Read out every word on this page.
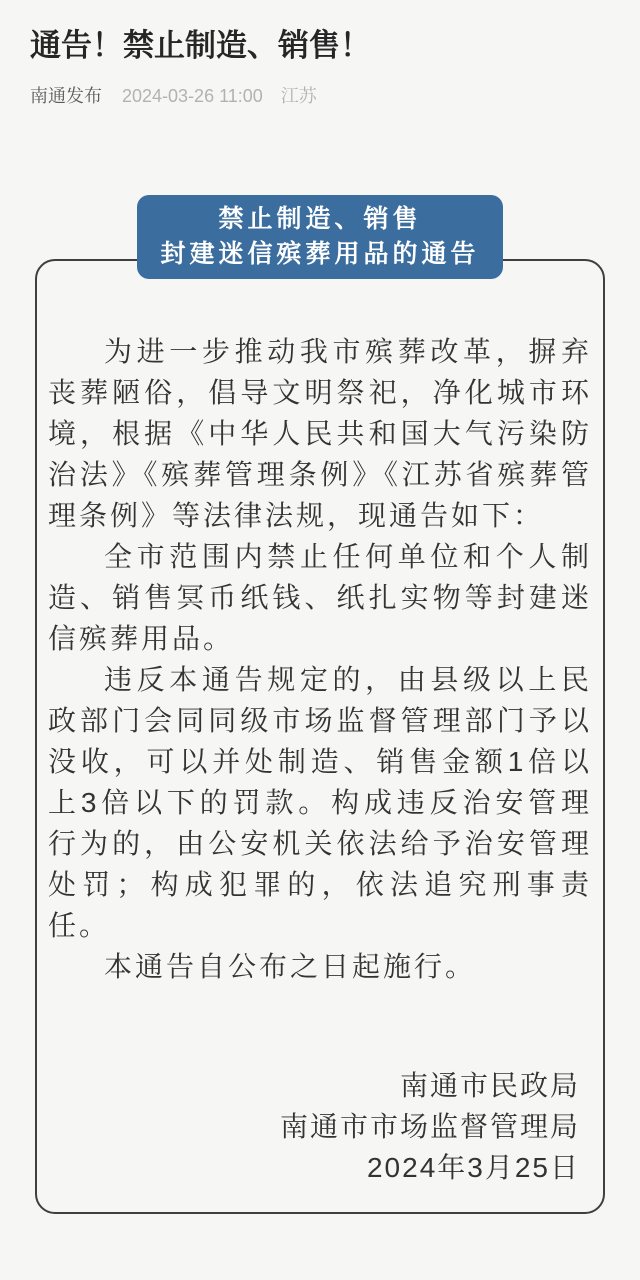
通告！禁止制造、销售！
南通发布 2024-03-26 11:00 江苏
禁止制造、销售
封建迷信殡葬用品的通告

为进一步推动我市殡葬改革，摒弃丧葬陋俗，倡导文明祭祀，净化城市环境，根据《中华人民共和国大气污染防治法》《殡葬管理条例》《江苏省殡葬管理条例》等法律法规，现通告如下：

全市范围内禁止任何单位和个人制造、销售冥币纸钱、纸扎实物等封建迷信殡葬用品。

违反本通告规定的，由县级以上民政部门会同同级市场监督管理部门予以没收，可以并处制造、销售金额1倍以上3倍以下的罚款。构成违反治安管理行为的，由公安机关依法给予治安管理处罚；构成犯罪的，依法追究刑事责任。

本通告自公布之日起施行。

南通市民政局
南通市市场监督管理局
2024年3月25日
